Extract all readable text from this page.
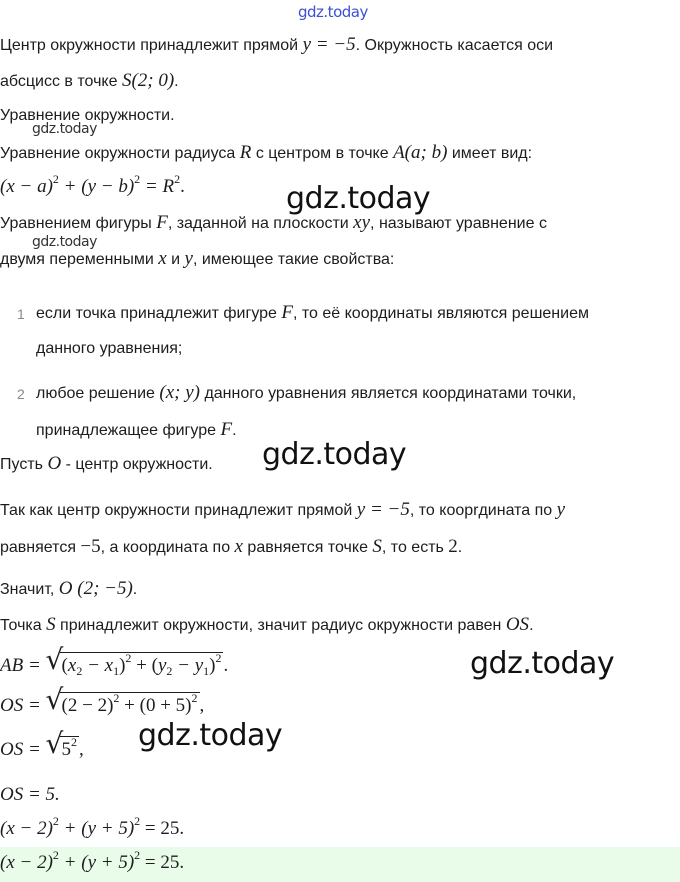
gdz.today
gdz.today
gdz.today
gdz.today
gdz.today
gdz.today
gdz.today
Центр окружности принадлежит прямой y = −5. Окружность касается оси
абсцисс в точке S(2; 0).
Уравнение окружности.
Уравнение окружности радиуса R с центром в точке A(a; b) имеет вид:
$(x - a)^2 + (y - b)^2 = R^2$.
Уравнением фигуры F, заданной на плоскости xy, называют уравнение с
двумя переменными x и y, имеющее такие свойства:
1 если точка принадлежит фигуре F, то её координаты являются решением
данного уравнения;
2 любое решение (x; y) данного уравнения является координатами точки,
принадлежащее фигуре F.
Пусть O - центр окружности.
Так как центр окружности принадлежит прямой y = −5, то коорrдината по y
равняется −5, а координата по x равняется точке S, то есть 2.
Значит, O (2; −5).
Точка S принадлежит окружности, значит радиус окружности равен OS.
AB = √
$(x_2 - x_1)^2 + (y_2 - y_1)^2$ .
OS = √
$(2 - 2)^2 + (0 + 5)^2$ ,
OS = √
$5^2$ ,
OS = 5.
$(x - 2)^2 + (y + 5)^2 = 25$.
$(x - 2)^2 + (y + 5)^2 = 25$.
